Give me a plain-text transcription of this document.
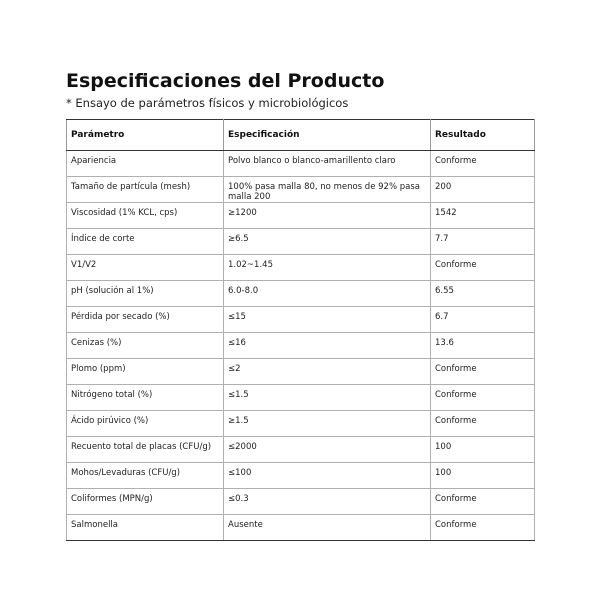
Especificaciones del Producto

* Ensayo de parámetros físicos y microbiológicos

Parámetro	Especificación	Resultado
Apariencia	Polvo blanco o blanco-amarillento claro	Conforme
Tamaño de partícula (mesh)	100% pasa malla 80, no menos de 92% pasa malla 200	200
Viscosidad (1% KCL, cps)	≥1200	1542
Índice de corte	≥6.5	7.7
V1/V2	1.02~1.45	Conforme
pH (solución al 1%)	6.0-8.0	6.55
Pérdida por secado (%)	≤15	6.7
Cenizas (%)	≤16	13.6
Plomo (ppm)	≤2	Conforme
Nitrógeno total (%)	≤1.5	Conforme
Ácido pirúvico (%)	≥1.5	Conforme
Recuento total de placas (CFU/g)	≤2000	100
Mohos/Levaduras (CFU/g)	≤100	100
Coliformes (MPN/g)	≤0.3	Conforme
Salmonella	Ausente	Conforme
